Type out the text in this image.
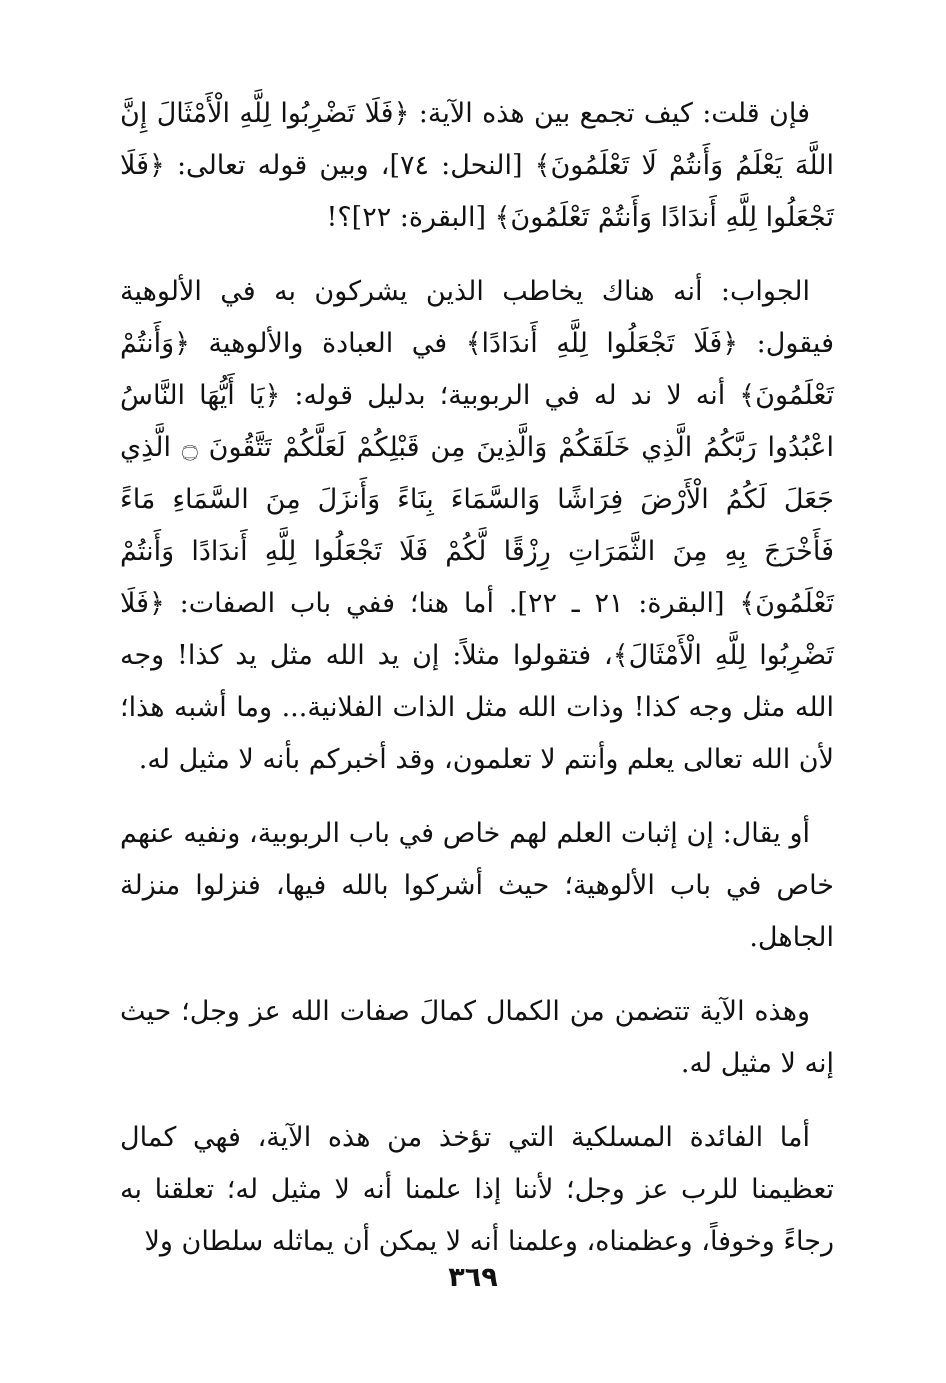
فإن قلت: كيف تجمع بين هذه الآية: ﴿فَلَا تَضْرِبُوا لِلَّهِ الْأَمْثَالَ إِنَّ اللَّهَ يَعْلَمُ وَأَنتُمْ لَا تَعْلَمُونَ﴾ [النحل: ٧٤]، وبين قوله تعالى: ﴿فَلَا تَجْعَلُوا لِلَّهِ أَندَادًا وَأَنتُمْ تَعْلَمُونَ﴾ [البقرة: ٢٢]؟!

الجواب: أنه هناك يخاطب الذين يشركون به في الألوهية فيقول: ﴿فَلَا تَجْعَلُوا لِلَّهِ أَندَادًا﴾ في العبادة والألوهية ﴿وَأَنتُمْ تَعْلَمُونَ﴾ أنه لا ند له في الربوبية؛ بدليل قوله: ﴿يَا أَيُّهَا النَّاسُ اعْبُدُوا رَبَّكُمُ الَّذِي خَلَقَكُمْ وَالَّذِينَ مِن قَبْلِكُمْ لَعَلَّكُمْ تَتَّقُونَ ۝ الَّذِي جَعَلَ لَكُمُ الْأَرْضَ فِرَاشًا وَالسَّمَاءَ بِنَاءً وَأَنزَلَ مِنَ السَّمَاءِ مَاءً فَأَخْرَجَ بِهِ مِنَ الثَّمَرَاتِ رِزْقًا لَّكُمْ فَلَا تَجْعَلُوا لِلَّهِ أَندَادًا وَأَنتُمْ تَعْلَمُونَ﴾ [البقرة: ٢١ ـ ٢٢]. أما هنا؛ ففي باب الصفات: ﴿فَلَا تَضْرِبُوا لِلَّهِ الْأَمْثَالَ﴾، فتقولوا مثلاً: إن يد الله مثل يد كذا! وجه الله مثل وجه كذا! وذات الله مثل الذات الفلانية... وما أشبه هذا؛ لأن الله تعالى يعلم وأنتم لا تعلمون، وقد أخبركم بأنه لا مثيل له.

أو يقال: إن إثبات العلم لهم خاص في باب الربوبية، ونفيه عنهم خاص في باب الألوهية؛ حيث أشركوا بالله فيها، فنزلوا منزلة الجاهل.

وهذه الآية تتضمن من الكمال كمالَ صفات الله عز وجل؛ حيث إنه لا مثيل له.

أما الفائدة المسلكية التي تؤخذ من هذه الآية، فهي كمال تعظيمنا للرب عز وجل؛ لأننا إذا علمنا أنه لا مثيل له؛ تعلقنا به رجاءً وخوفاً، وعظمناه، وعلمنا أنه لا يمكن أن يماثله سلطان ولا

٣٦٩
